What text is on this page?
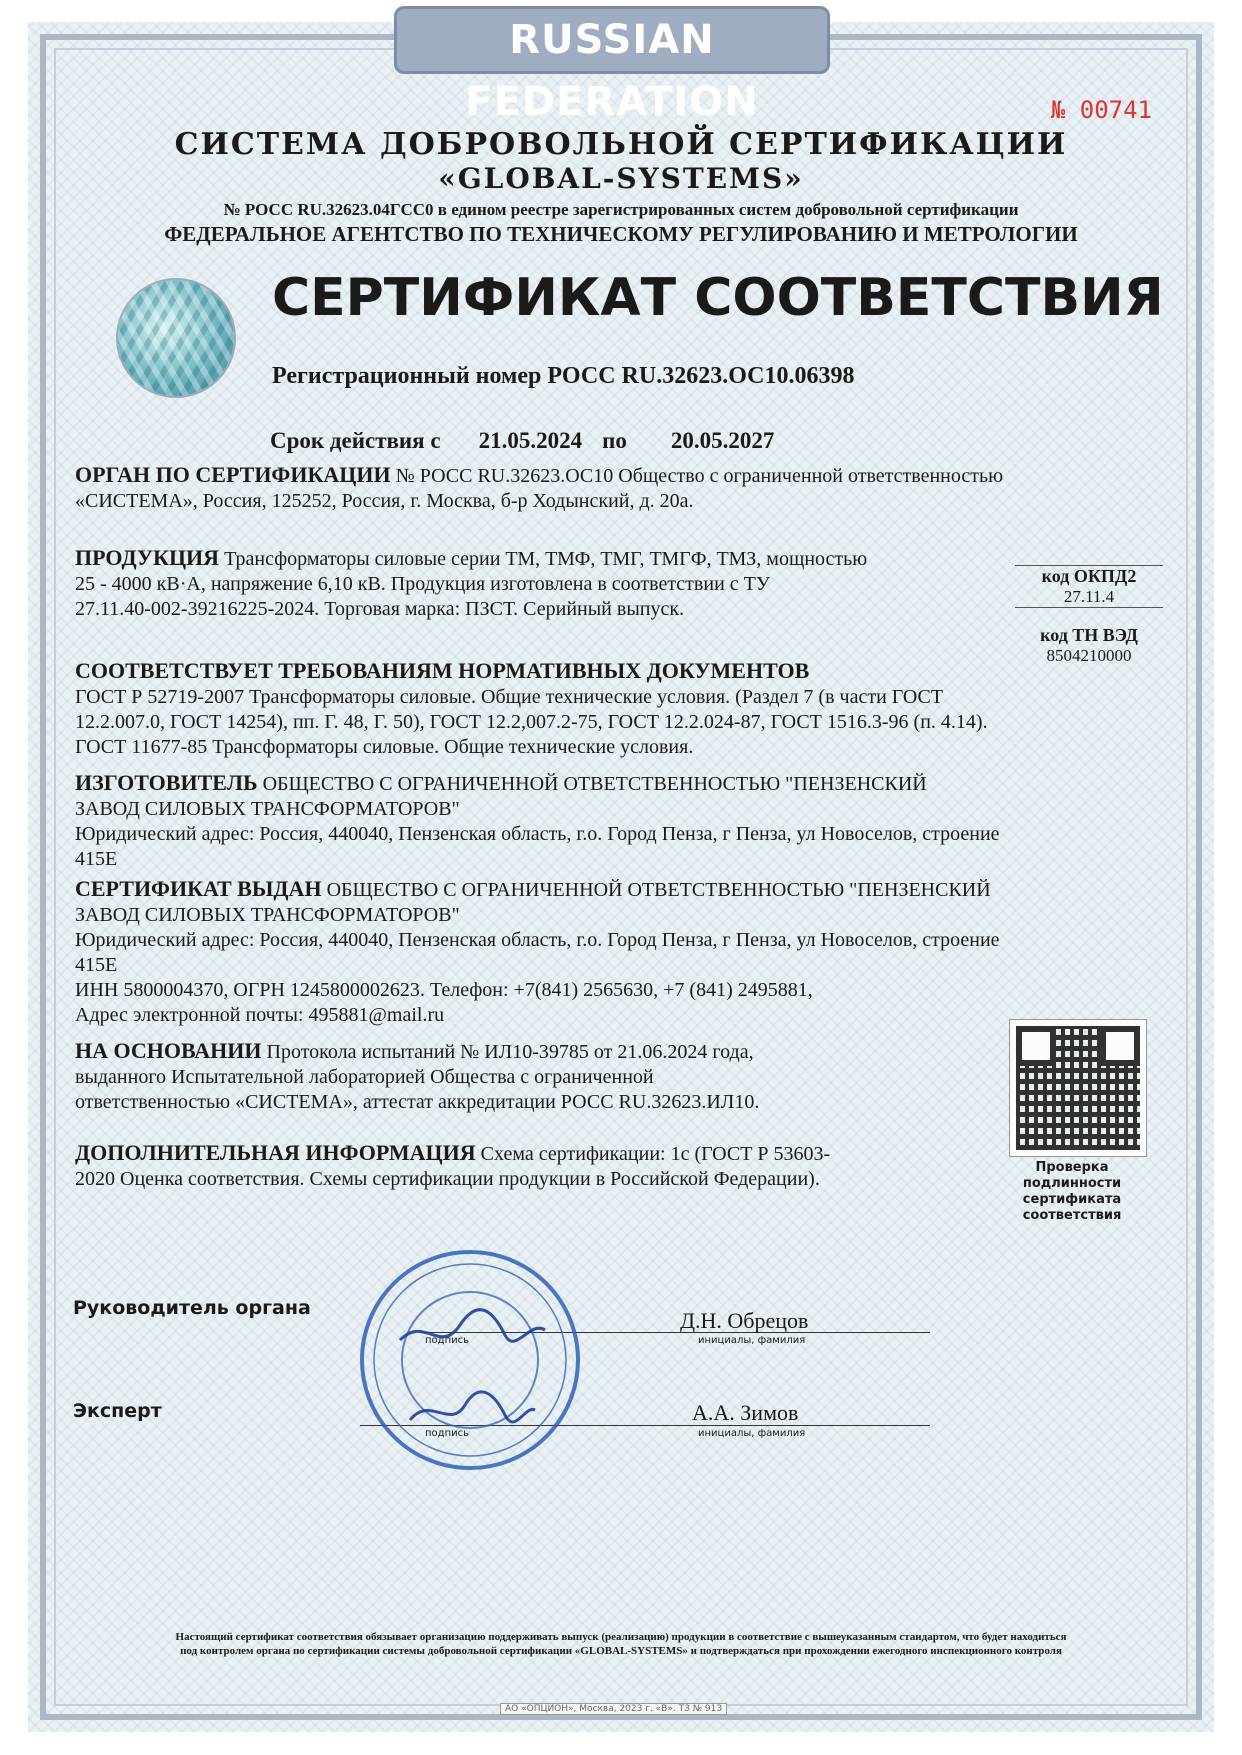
RUSSIAN FEDERATION	№ 00741
СИСТЕМА ДОБРОВОЛЬНОЙ СЕРТИФИКАЦИИ
«GLOBAL-SYSTEMS»
№ РОСС RU.32623.04ГСС0 в едином реестре зарегистрированных систем добровольной сертификации
ФЕДЕРАЛЬНОЕ АГЕНТСТВО ПО ТЕХНИЧЕСКОМУ РЕГУЛИРОВАНИЮ И МЕТРОЛОГИИ
СЕРТИФИКАТ СООТВЕТСТВИЯ
Регистрационный номер РОСС RU.32623.ОС10.06398
Срок действия с 21.05.2024 по 20.05.2027
ОРГАН ПО СЕРТИФИКАЦИИ № РОСС RU.32623.ОС10 Общество с ограниченной ответственностью
«СИСТЕМА», Россия, 125252, Россия, г. Москва, б-р Ходынский, д. 20а.
ПРОДУКЦИЯ Трансформаторы силовые серии ТМ, ТМФ, ТМГ, ТМГФ, ТМЗ, мощностью
25 - 4000 кВ·А, напряжение 6,10 кВ. Продукция изготовлена в соответствии с ТУ
27.11.40-002-39216225-2024. Торговая марка: ПЗСТ. Серийный выпуск.
код ОКПД2
27.11.4
код ТН ВЭД
8504210000
СООТВЕТСТВУЕТ ТРЕБОВАНИЯМ НОРМАТИВНЫХ ДОКУМЕНТОВ
ГОСТ Р 52719-2007 Трансформаторы силовые. Общие технические условия. (Раздел 7 (в части ГОСТ
12.2.007.0, ГОСТ 14254), пп. Г. 48, Г. 50), ГОСТ 12.2,007.2-75, ГОСТ 12.2.024-87, ГОСТ 1516.3-96 (п. 4.14).
ГОСТ 11677-85 Трансформаторы силовые. Общие технические условия.
ИЗГОТОВИТЕЛЬ ОБЩЕСТВО С ОГРАНИЧЕННОЙ ОТВЕТСТВЕННОСТЬЮ "ПЕНЗЕНСКИЙ
ЗАВОД СИЛОВЫХ ТРАНСФОРМАТОРОВ"
Юридический адрес: Россия, 440040, Пензенская область, г.о. Город Пенза, г Пенза, ул Новоселов, строение
415Е
СЕРТИФИКАТ ВЫДАН ОБЩЕСТВО С ОГРАНИЧЕННОЙ ОТВЕТСТВЕННОСТЬЮ "ПЕНЗЕНСКИЙ
ЗАВОД СИЛОВЫХ ТРАНСФОРМАТОРОВ"
Юридический адрес: Россия, 440040, Пензенская область, г.о. Город Пенза, г Пенза, ул Новоселов, строение
415Е
ИНН 5800004370, ОГРН 1245800002623. Телефон: +7(841) 2565630, +7 (841) 2495881,
Адрес электронной почты: 495881@mail.ru
НА ОСНОВАНИИ Протокола испытаний № ИЛ10-39785 от 21.06.2024 года,
выданного Испытательной лабораторией Общества с ограниченной
ответственностью «СИСТЕМА», аттестат аккредитации РОСС RU.32623.ИЛ10.
ДОПОЛНИТЕЛЬНАЯ ИНФОРМАЦИЯ Схема сертификации: 1с (ГОСТ Р 53603-
2020 Оценка соответствия. Схемы сертификации продукции в Российской Федерации).
Проверка подлинности сертификата соответствия
Руководитель органа
подпись
Д.Н. Обрецов
инициалы, фамилия
Эксперт
подпись
А.А. Зимов
инициалы, фамилия
Настоящий сертификат соответствия обязывает организацию поддерживать выпуск (реализацию) продукции в соответствие с вышеуказанным стандартом, что будет находиться
под контролем органа по сертификации системы добровольной сертификации «GLOBAL-SYSTEMS» и подтверждаться при прохождении ежегодного инспекционного контроля
АО «ОПЦИОН», Москва, 2023 г. «В». ТЗ № 913
